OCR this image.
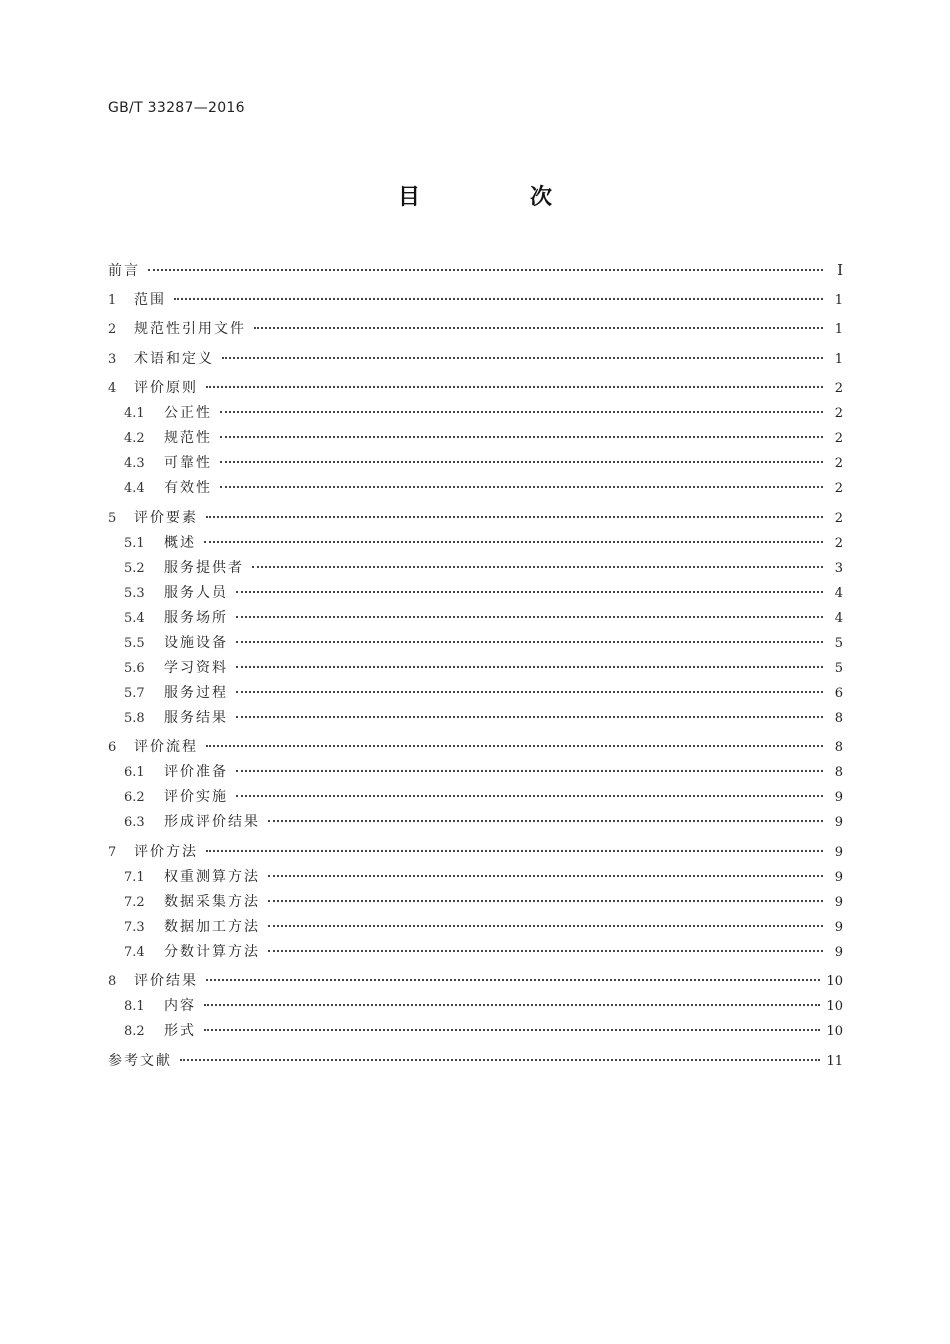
GB/T 33287—2016
目　次
前言	Ⅰ
1	范围	1
2	规范性引用文件	1
3	术语和定义	1
4	评价原则	2
4.1	公正性	2
4.2	规范性	2
4.3	可靠性	2
4.4	有效性	2
5	评价要素	2
5.1	概述	2
5.2	服务提供者	3
5.3	服务人员	4
5.4	服务场所	4
5.5	设施设备	5
5.6	学习资料	5
5.7	服务过程	6
5.8	服务结果	8
6	评价流程	8
6.1	评价准备	8
6.2	评价实施	9
6.3	形成评价结果	9
7	评价方法	9
7.1	权重测算方法	9
7.2	数据采集方法	9
7.3	数据加工方法	9
7.4	分数计算方法	9
8	评价结果	10
8.1	内容	10
8.2	形式	10
参考文献	11
